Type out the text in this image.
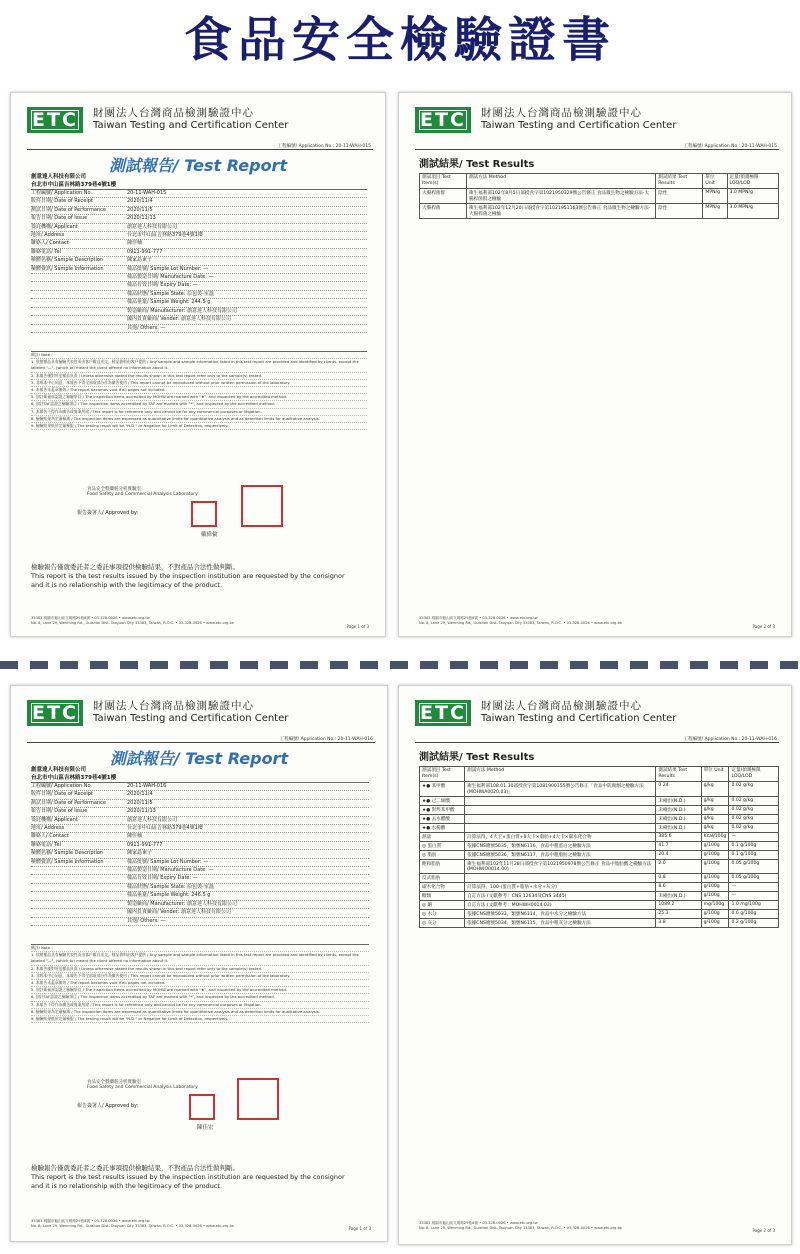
食品安全檢驗證書
ETC	財團法人台灣商品檢測驗證中心
Taiwan Testing and Certification Center
工程編號/ Application No.: 20-11-WAH-015
測試報告/ Test Report
創意達人科技有限公司
台北市中山區吉林路379巷4號1樓
工程編號/ Application No.	20-11-WAH-015
收件日期/ Date of Receipt	2020/11/4
測試日期/ Date of Performance	2020/11/5
報告日期/ Date of Issue	2020/11/13
委託機構/ Applicant	創意達人科技有限公司
地址/ Address	台北市中山區吉林路379巷4號1樓
聯絡人/ Contact	陳佳楠
聯絡電話/ Tel	0911-991-777
檢體名稱/ Sample Description	陳家島東子
檢體資訊/ Sample Information	樣品批號/ Sample Lot Number: —
樣品製造日期/ Manufacture Date: —
樣品有效日期/ Expiry Date: —
樣品狀態/ Sample State: 原包裝-室溫
樣品重量/ Sample Weight: 244.5 g
製造廠商/ Manufacturer: 創意達人科技有限公司
國內負責廠商/ Vender: 創意達人科技有限公司
其他/ Others: —
備註/ Note :
1. 依照樣品具有檢驗代表性而由客戶親自送交，樣品資料由客戶提供 / Any sample and sample information listed in this test report are provided and identified by clients, except the labeled "—", (which to) meant the client offered no information about it.
2. 本報告僅對所送樣品負責 / Unless otherwise stated the results shown in this test report refer only to the sample(s) tested.
3. 非經本中心同意，本報告不得全部或部分作為廣告使用 / This report cannot be reproduced without prior written permission of the laboratory.
4. 本報告未蓋章無效 / The report becomes void if all pages not included.
5. 加註衛福部認證之檢驗項目 / The inspection items accredited by MOHW are marked with "★", and inspected by the accredited method.
6. 加註TAF認證之檢驗項目 / The inspection items accredited by TAF are marked with "*", and inspected by the accredited method.
7. 本報告不得作為廣告或商業用途 / This report is for reference only and cannot be for any commercial purposes or litigation.
8. 檢驗結果為定量檢測 / The inspection items are expressed as quantitative limits for quantitative analysis and as detection limits for qualitative analysis.
9. 檢驗結果低於定量極限 / The testing result will be "N.D." or Negative for Limit of Detection, respectively.
食品安全暨藥粧分析實驗室
Food Safety and Commercial Analysis Laboratory
報告簽署人/ Approved by:
戴偉倫
檢驗報告僅就委託者之委託事項提供檢驗結果，不對產品合法性做判斷。
This report is the test results issued by the inspection institution are requested by the consignor
and it is no relationship with the legitimacy of the product.
33383 桃園市龜山區文明路29巷8號 • 03-328-0026 • www.etc.org.tw
No. 8, Lane 29, Wenming Rd., Guishan Dist. Taoyuan City 33383, Taiwan, R.O.C. • 03-328-0026 • www.etc.org.tw
Page 1 of 3
ETC	財團法人台灣商品檢測驗證中心
Taiwan Testing and Certification Center
工程編號/ Application No.: 20-11-WAH-015
測試結果/ Test Results
測試項目 Test Item(s)	測試方法 Method	測試結果 Test Results	單位 Unit	定量/偵測極限 LOQ/LOD
大腸桿菌群	衛生福利部102年8月5日部授食字第1021950329號公告修正 食品微生物之檢驗方法-大腸桿菌群之檢驗	陰性	MPN/g	3.0 MPN/g
大腸桿菌	衛生福利部102年12月20日部授食字第1021951163號公告修正 食品微生物之檢驗方法-大腸桿菌之檢驗	陰性	MPN/g	3.0 MPN/g
33383 桃園市龜山區文明路29巷8號 • 03-328-0026 • www.etc.org.tw
No. 8, Lane 29, Wenming Rd., Guishan Dist. Taoyuan City 33383, Taiwan, R.O.C. • 03-328-0026 • www.etc.org.tw
Page 2 of 3
ETC	財團法人台灣商品檢測驗證中心
Taiwan Testing and Certification Center
工程編號/ Application No.: 20-11-WAH-016
測試報告/ Test Report
創意達人科技有限公司
台北市中山區吉林路379巷4號1樓
工程編號/ Application No.	20-11-WAH-016
收件日期/ Date of Receipt	2020/11/4
測試日期/ Date of Performance	2020/11/5
報告日期/ Date of Issue	2020/11/13
委託機構/ Applicant	創意達人科技有限公司
地址/ Address	台北市中山區吉林路379巷4號1樓
聯絡人/ Contact	陳佳楠
聯絡電話/ Tel	0911-991-777
檢體名稱/ Sample Description	陳家島東子
檢體資訊/ Sample Information	樣品批號/ Sample Lot Number: —
樣品製造日期/ Manufacture Date: —
樣品有效日期/ Expiry Date: —
樣品狀態/ Sample State: 原包裝-室溫
樣品重量/ Sample Weight: 246.5 g
製造廠商/ Manufacturer: 創意達人科技有限公司
國內負責廠商/ Vender: 創意達人科技有限公司
其他/ Others: —
備註/ Note :
1. 依照樣品具有檢驗代表性而由客戶親自送交，樣品資料由客戶提供 / Any sample and sample information listed in this test report are provided and identified by clients, except the labeled "—", (which to) meant the client offered no information about it.
2. 本報告僅對所送樣品負責 / Unless otherwise stated the results shown in this test report refer only to the sample(s) tested.
3. 非經本中心同意，本報告不得全部或部分作為廣告使用 / This report cannot be reproduced without prior written permission of the laboratory.
4. 本報告未蓋章無效 / The report becomes void if all pages not included.
5. 加註衛福部認證之檢驗項目 / The inspection items accredited by MOHW are marked with "★", and inspected by the accredited method.
6. 加註TAF認證之檢驗項目 / The inspection items accredited by TAF are marked with "*", and inspected by the accredited method.
7. 本報告不得作為廣告或商業用途 / This report is for reference only and cannot be for any commercial purposes or litigation.
8. 檢驗結果為定量檢測 / The inspection items are expressed as quantitative limits for quantitative analysis and as detection limits for qualitative analysis.
9. 檢驗結果低於定量極限 / The testing result will be "N.D." or Negative for Limit of Detection, respectively.
食品安全暨藥粧分析實驗室
Food Safety and Commercial Analysis Laboratory
報告簽署人/ Approved by:
陳佳宏
檢驗報告僅就委託者之委託事項提供檢驗結果，不對產品合法性做判斷。
This report is the test results issued by the inspection institution are requested by the consignor
and it is no relationship with the legitimacy of the product.
33383 桃園市龜山區文明路29巷8號 • 03-328-0026 • www.etc.org.tw
No. 8, Lane 29, Wenming Rd., Guishan Dist. Taoyuan City 33383, Taiwan, R.O.C. • 03-328-0026 • www.etc.org.tw	Page 1 of 3
ETC	財團法人台灣商品檢測驗證中心
Taiwan Testing and Certification Center
工程編號/ Application No.: 20-11-WAH-016
測試結果/ Test Results
測試項目 Test Item(s)	測試方法 Method	測試結果 Test Results	單位 Unit	定量/偵測極限 LOQ/LOD
★● 苯甲酸	衛生福利部108.01.30部授食字第1081900155號公告修正「食品中防腐劑之檢驗方法(MOHWA0020.03)」	0.24	g/kg	0.02 g/kg
★● 己二烯酸		未檢出(N.D.)	g/kg	0.02 g/kg
★● 對羥苯甲酸		未檢出(N.D.)	g/kg	0.02 g/kg
★● 去水醋酸		未檢出(N.D.)	g/kg	0.02 g/kg
★● 水楊酸		未檢出(N.D.)	g/kg	0.02 g/kg
熱量	計算法得，4大卡×蛋白質+9大卡×脂肪+4大卡×碳水化合物	385.6	Kcal/100g	—
◎ 蛋白質	依據CNS總號5035，類號N6116，食品中粗蛋白之檢驗方法	41.7	g/100g	0.1 g/100g
◎ 脂肪	依據CNS總號5036，類號N6117，食品中粗脂肪之檢驗方法	20.4	g/100g	0.1 g/100g
飽和脂肪	衛生福利部102年11月28日部授食字第1021950978號公告修正 食品中脂肪酸之檢驗方法(MOHWO0014.00)	2.0	g/100g	0.05 g/100g
反式脂肪		0.8	g/100g	0.05 g/100g
碳水化合物	計算法得，100-(蛋白質+脂肪+水分+灰分)	8.6	g/100g	—
糖類	自訂方法 (文獻參考：CNS 12634及CNS 3445)	未檢出(N.D.)	g/100g	—
◎ 鈉	自訂方法 (文獻參考：MOHWH0014.03)	1089.2	mg/100g	1.0 mg/100g
◎ 水分	依據CNS總號5033，類號N6114，食品中水分之檢驗方法	25.3	g/100g	0.6 g/100g
◎ 灰分	依據CNS總號5034，類號N6115，食品中粗灰分之檢驗方法	3.8	g/100g	0.2 g/100g
33383 桃園市龜山區文明路29巷8號 • 03-328-0026 • www.etc.org.tw
No. 8, Lane 29, Wenming Rd., Guishan Dist. Taoyuan City 33383, Taiwan, R.O.C. • 03-328-0026 • www.etc.org.tw	Page 2 of 3
